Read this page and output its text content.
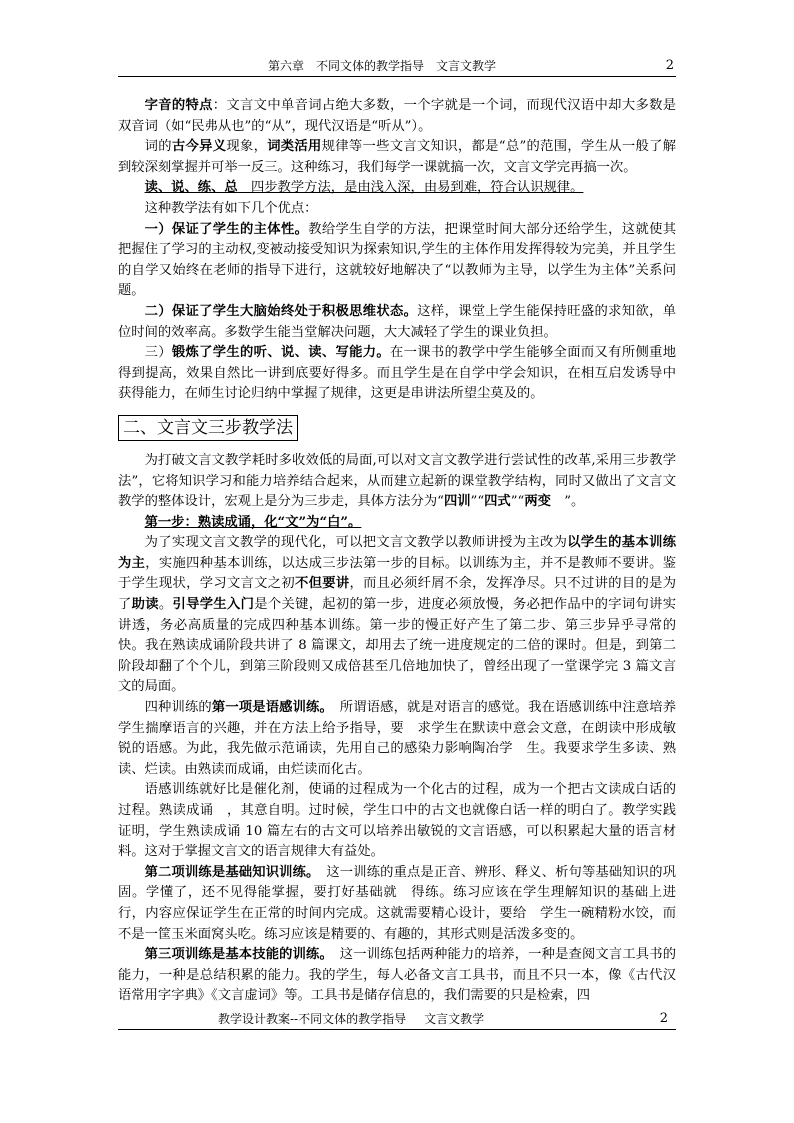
第六章　不同文体的教学指导 文言文教学	2

字音的特点：文言文中单音词占绝大多数，一个字就是一个词，而现代汉语中却大多数是双音词（如“民弗从也”的“从”，现代汉语是“听从”）。

词的古今异义现象，词类活用规律等一些文言文知识，都是“总”的范围，学生从一般了解到较深刻掌握并可举一反三。这种练习，我们每学一课就搞一次，文言文学完再搞一次。

读、说、练、总　四步教学方法，是由浅入深，由易到难，符合认识规律。

这种教学法有如下几个优点：

一）保证了学生的主体性。教给学生自学的方法，把课堂时间大部分还给学生，这就使其把握住了学习的主动权,变被动接受知识为探索知识,学生的主体作用发挥得较为完美，并且学生的自学又始终在老师的指导下进行，这就较好地解决了“以教师为主导，以学生为主体”关系问题。

二）保证了学生大脑始终处于积极思维状态。这样，课堂上学生能保持旺盛的求知欲，单位时间的效率高。多数学生能当堂解决问题，大大减轻了学生的课业负担。

三）锻炼了学生的听、说、读、写能力。在一课书的教学中学生能够全面而又有所侧重地得到提高，效果自然比一讲到底要好得多。而且学生是在自学中学会知识，在相互启发诱导中获得能力，在师生讨论归纳中掌握了规律，这更是串讲法所望尘莫及的。

二、文言文三步教学法

为打破文言文教学耗时多收效低的局面,可以对文言文教学进行尝试性的改革,采用三步教学法”，它将知识学习和能力培养结合起来，从而建立起新的课堂教学结构，同时又做出了文言文教学的整体设计，宏观上是分为三步走，具体方法分为“四训”“四式”“两变　”。

第一步：熟读成诵，化“文”为“白”。

为了实现文言文教学的现代化，可以把文言文教学以教师讲授为主改为以学生的基本训练为主，实施四种基本训练，以达成三步法第一步的目标。以训练为主，并不是教师不要讲。鉴于学生现状，学习文言文之初不但要讲，而且必须纤屑不余，发挥净尽。只不过讲的目的是为了助读。引导学生入门是个关键，起初的第一步，进度必须放慢，务必把作品中的字词句讲实讲透，务必高质量的完成四种基本训练。第一步的慢正好产生了第二步、第三步异乎寻常的快。我在熟读成诵阶段共讲了 8 篇课文，却用去了统一进度规定的二倍的课时。但是，到第二阶段却翻了个个儿，到第三阶段则又成倍甚至几倍地加快了，曾经出现了一堂课学完 3 篇文言文的局面。

四种训练的第一项是语感训练。　所谓语感，就是对语言的感觉。我在语感训练中注意培养学生揣摩语言的兴趣，并在方法上给予指导，要　求学生在默读中意会文意，在朗读中形成敏锐的语感。为此，我先做示范诵读，先用自己的感染力影响陶冶学　生。我要求学生多读、熟读、烂读。由熟读而成诵，由烂读而化古。

语感训练就好比是催化剂，使诵的过程成为一个化古的过程，成为一个把古文读成白话的过程。熟读成诵　，其意自明。过时候，学生口中的古文也就像白话一样的明白了。教学实践证明，学生熟读成诵 10 篇左右的古文可以培养出敏锐的文言语感，可以积累起大量的语言材料。这对于掌握文言文的语言规律大有益处。

第二项训练是基础知识训练。　这一训练的重点是正音、辨形、释义、析句等基础知识的巩固。学懂了，还不见得能掌握，要打好基础就　得练。练习应该在学生理解知识的基础上进行，内容应保证学生在正常的时间内完成。这就需要精心设计，要给　学生一碗精粉水饺，而不是一筐玉米面窝头吃。练习应该是精要的、有趣的，其形式则是活泼多变的。

第三项训练是基本技能的训练。　这一训练包括两种能力的培养，一种是查阅文言工具书的能力，一种是总结积累的能力。我的学生，每人必备文言工具书，而且不只一本，像《古代汉语常用字字典》《文言虚词》等。工具书是储存信息的，我们需要的只是检索，四

教学设计教案--不同文体的教学指导 文言文教学	2
